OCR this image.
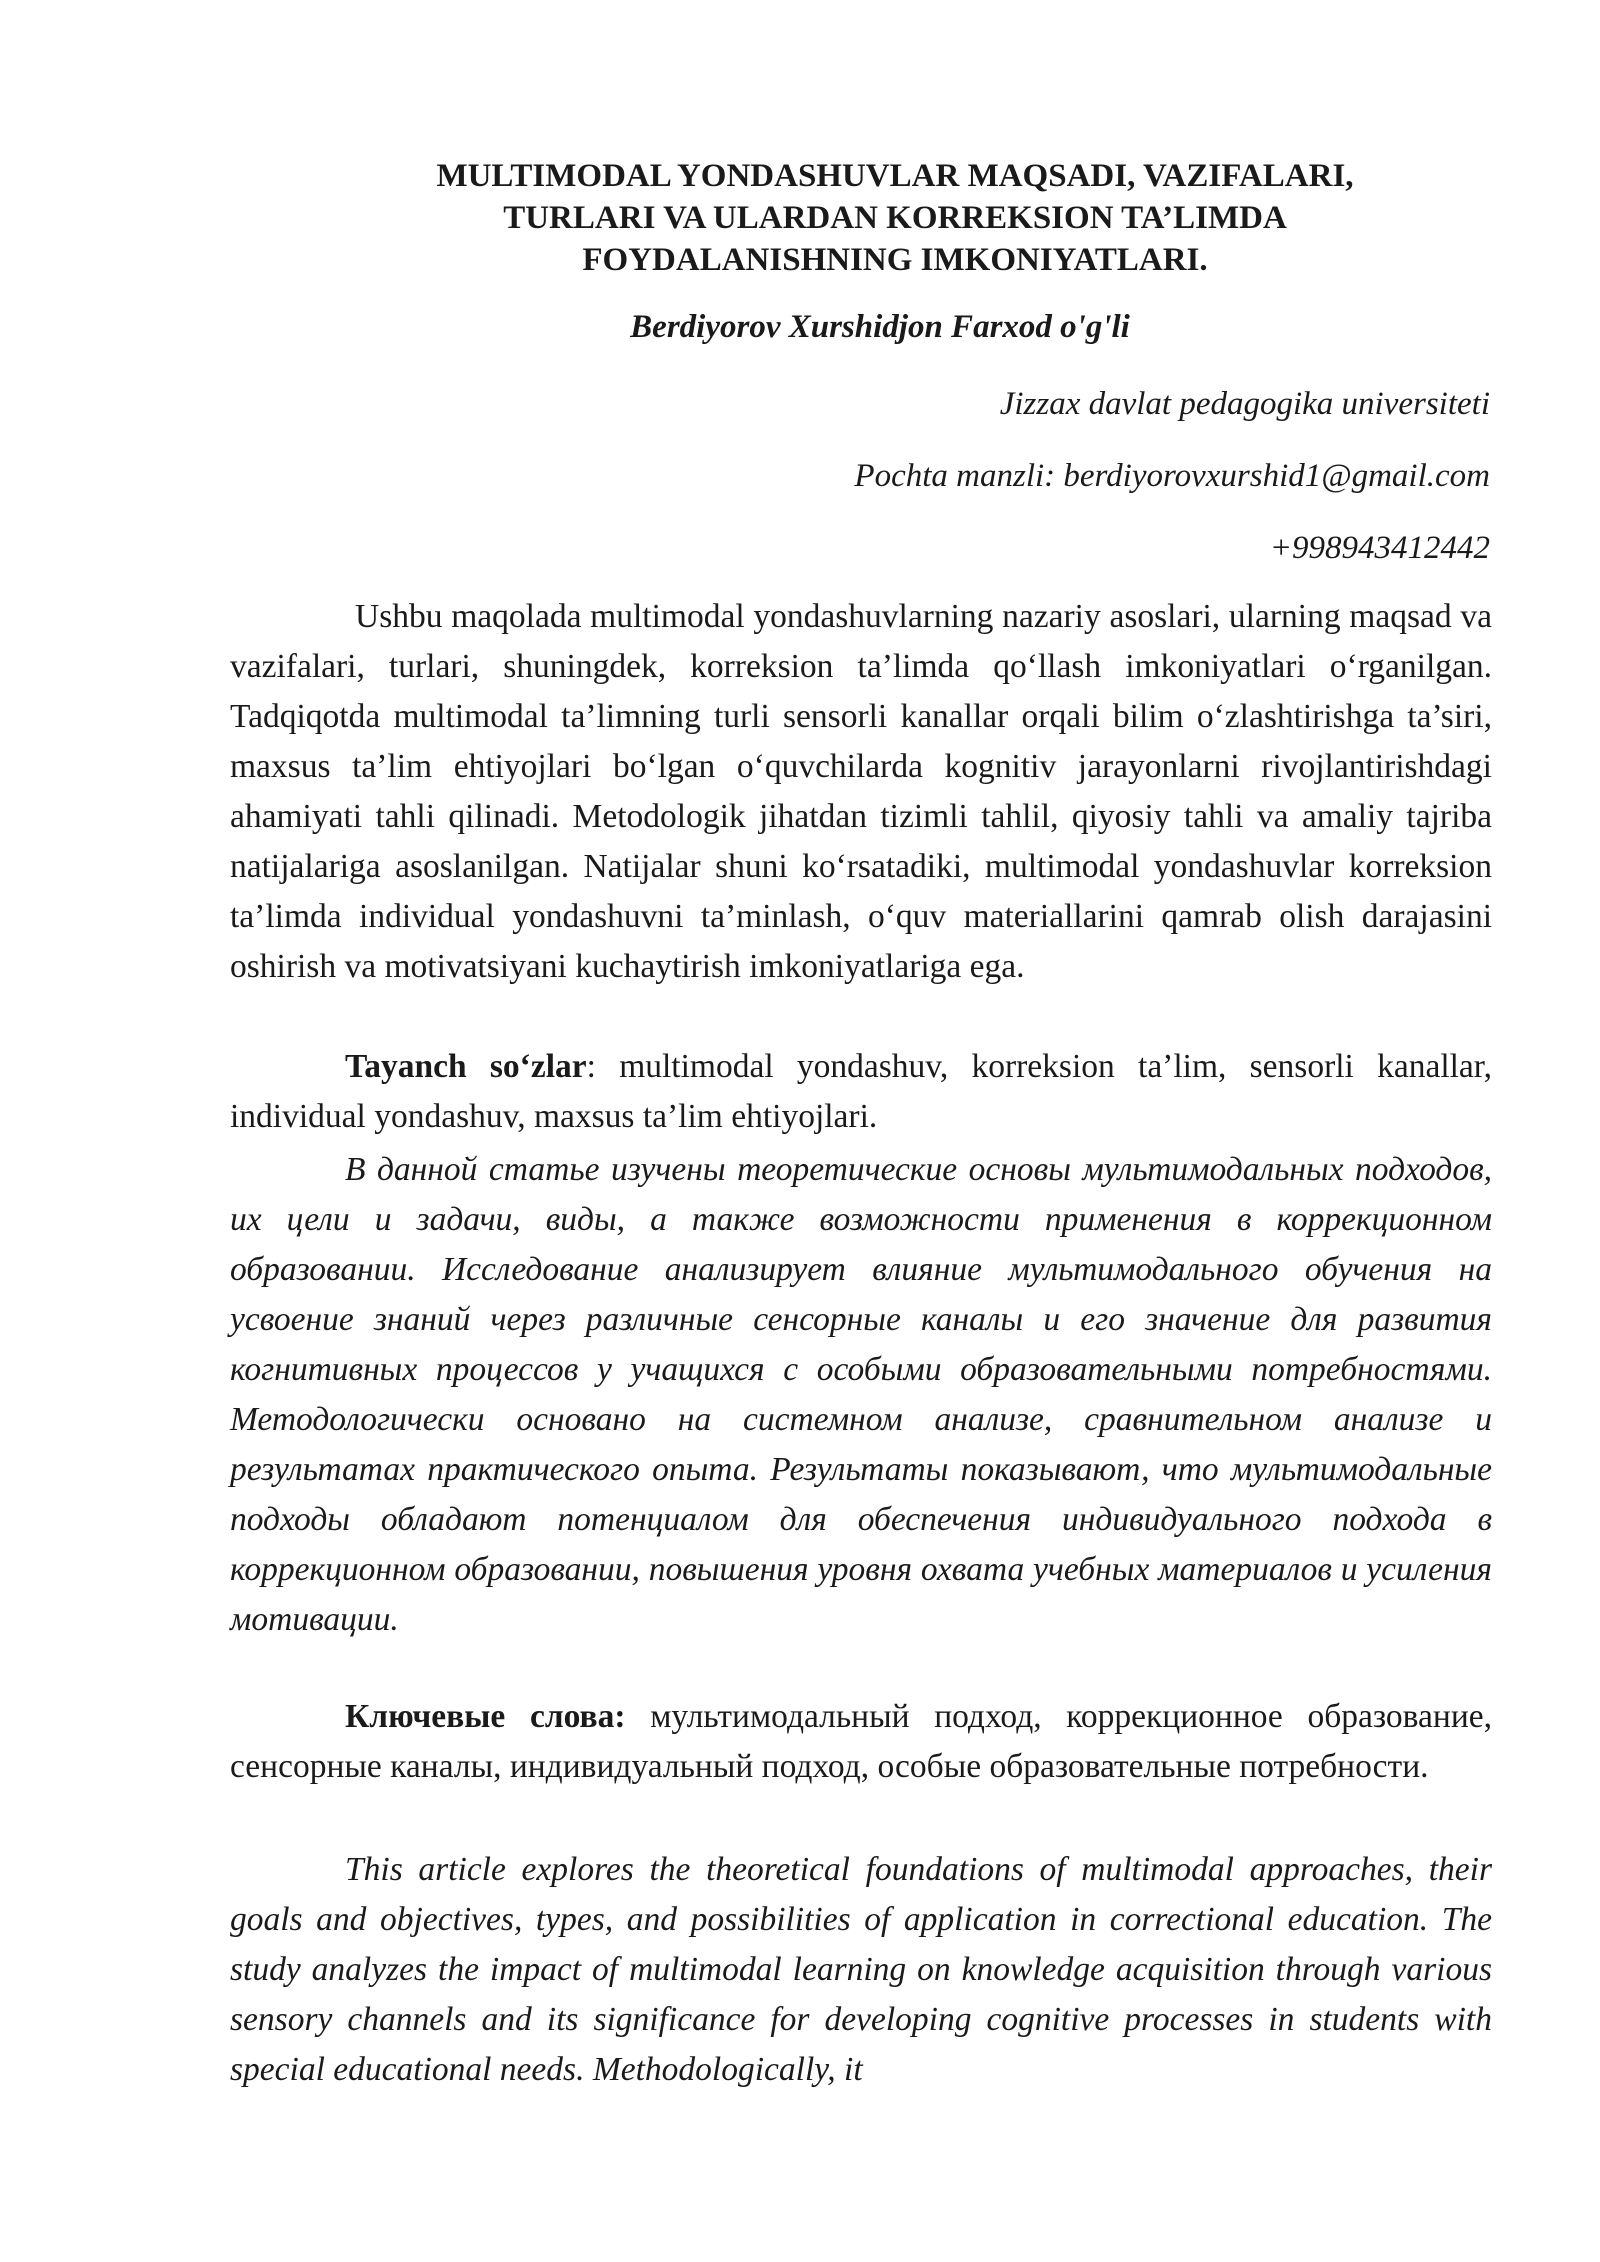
MULTIMODAL YONDASHUVLAR MAQSADI, VAZIFALARI,
TURLARI VA ULARDAN KORREKSION TA’LIMDA
FOYDALANISHNING IMKONIYATLARI.

Berdiyorov Xurshidjon Farxod o'g'li

Jizzax davlat pedagogika universiteti

Pochta manzli: berdiyorovxurshid1@gmail.com

+998943412442

Ushbu maqolada multimodal yondashuvlarning nazariy asoslari, ularning maqsad va vazifalari, turlari, shuningdek, korreksion ta’limda qo‘llash imkoniyatlari o‘rganilgan. Tadqiqotda multimodal ta’limning turli sensorli kanallar orqali bilim o‘zlashtirishga ta’siri, maxsus ta’lim ehtiyojlari bo‘lgan o‘quvchilarda kognitiv jarayonlarni rivojlantirishdagi ahamiyati tahli qilinadi. Metodologik jihatdan tizimli tahlil, qiyosiy tahli va amaliy tajriba natijalariga asoslanilgan. Natijalar shuni ko‘rsatadiki, multimodal yondashuvlar korreksion ta’limda individual yondashuvni ta’minlash, o‘quv materiallarini qamrab olish darajasini oshirish va motivatsiyani kuchaytirish imkoniyatlariga ega.

Tayanch so‘zlar: multimodal yondashuv, korreksion ta’lim, sensorli kanallar, individual yondashuv, maxsus ta’lim ehtiyojlari.

В данной статье изучены теоретические основы мультимодальных подходов, их цели и задачи, виды, а также возможности применения в коррекционном образовании. Исследование анализирует влияние мультимодального обучения на усвоение знаний через различные сенсорные каналы и его значение для развития когнитивных процессов у учащихся с особыми образовательными потребностями. Методологически основано на системном анализе, сравнительном анализе и результатах практического опыта. Результаты показывают, что мультимодальные подходы обладают потенциалом для обеспечения индивидуального подхода в коррекционном образовании, повышения уровня охвата учебных материалов и усиления мотивации.

Ключевые слова: мультимодальный подход, коррекционное образование, сенсорные каналы, индивидуальный подход, особые образовательные потребности.

This article explores the theoretical foundations of multimodal approaches, their goals and objectives, types, and possibilities of application in correctional education. The study analyzes the impact of multimodal learning on knowledge acquisition through various sensory channels and its significance for developing cognitive processes in students with special educational needs. Methodologically, it
